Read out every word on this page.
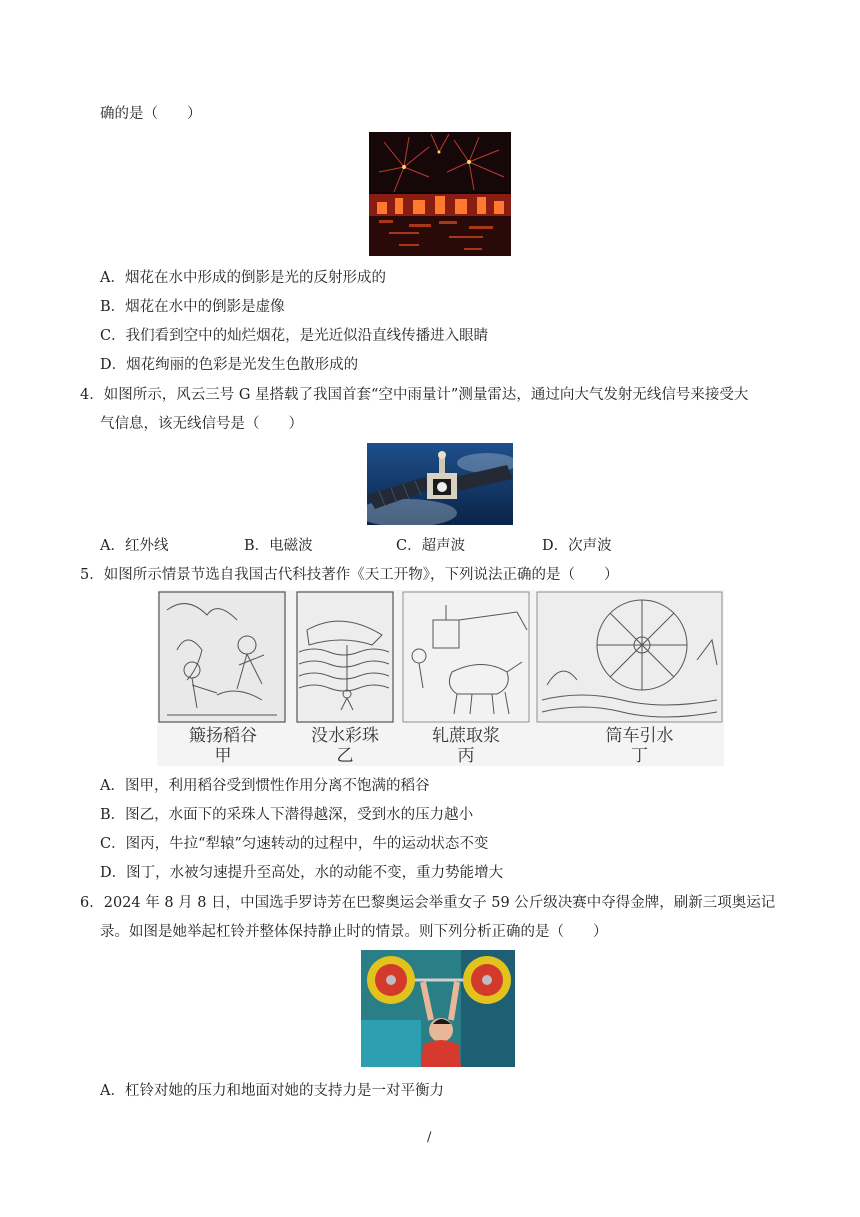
确的是（　　）
A．烟花在水中形成的倒影是光的反射形成的
B．烟花在水中的倒影是虚像
C．我们看到空中的灿烂烟花，是光近似沿直线传播进入眼睛
D．烟花绚丽的色彩是光发生色散形成的
4．如图所示，风云三号 G 星搭载了我国首套“空中雨量计”测量雷达，通过向大气发射无线信号来接受大
气信息，该无线信号是（　　）
A．红外线	B．电磁波	C．超声波	D．次声波
5．如图所示情景节选自我国古代科技著作《天工开物》，下列说法正确的是（　　）
簸扬稻谷
甲
没水彩珠
乙
轧蔗取浆
丙
筒车引水
丁
A．图甲，利用稻谷受到惯性作用分离不饱满的稻谷
B．图乙，水面下的采珠人下潜得越深，受到水的压力越小
C．图丙，牛拉“犁辕”匀速转动的过程中，牛的运动状态不变
D．图丁，水被匀速提升至高处，水的动能不变，重力势能增大
6．2024 年 8 月 8 日，中国选手罗诗芳在巴黎奥运会举重女子 59 公斤级决赛中夺得金牌，刷新三项奥运记
录。如图是她举起杠铃并整体保持静止时的情景。则下列分析正确的是（　　）
A．杠铃对她的压力和地面对她的支持力是一对平衡力
/
